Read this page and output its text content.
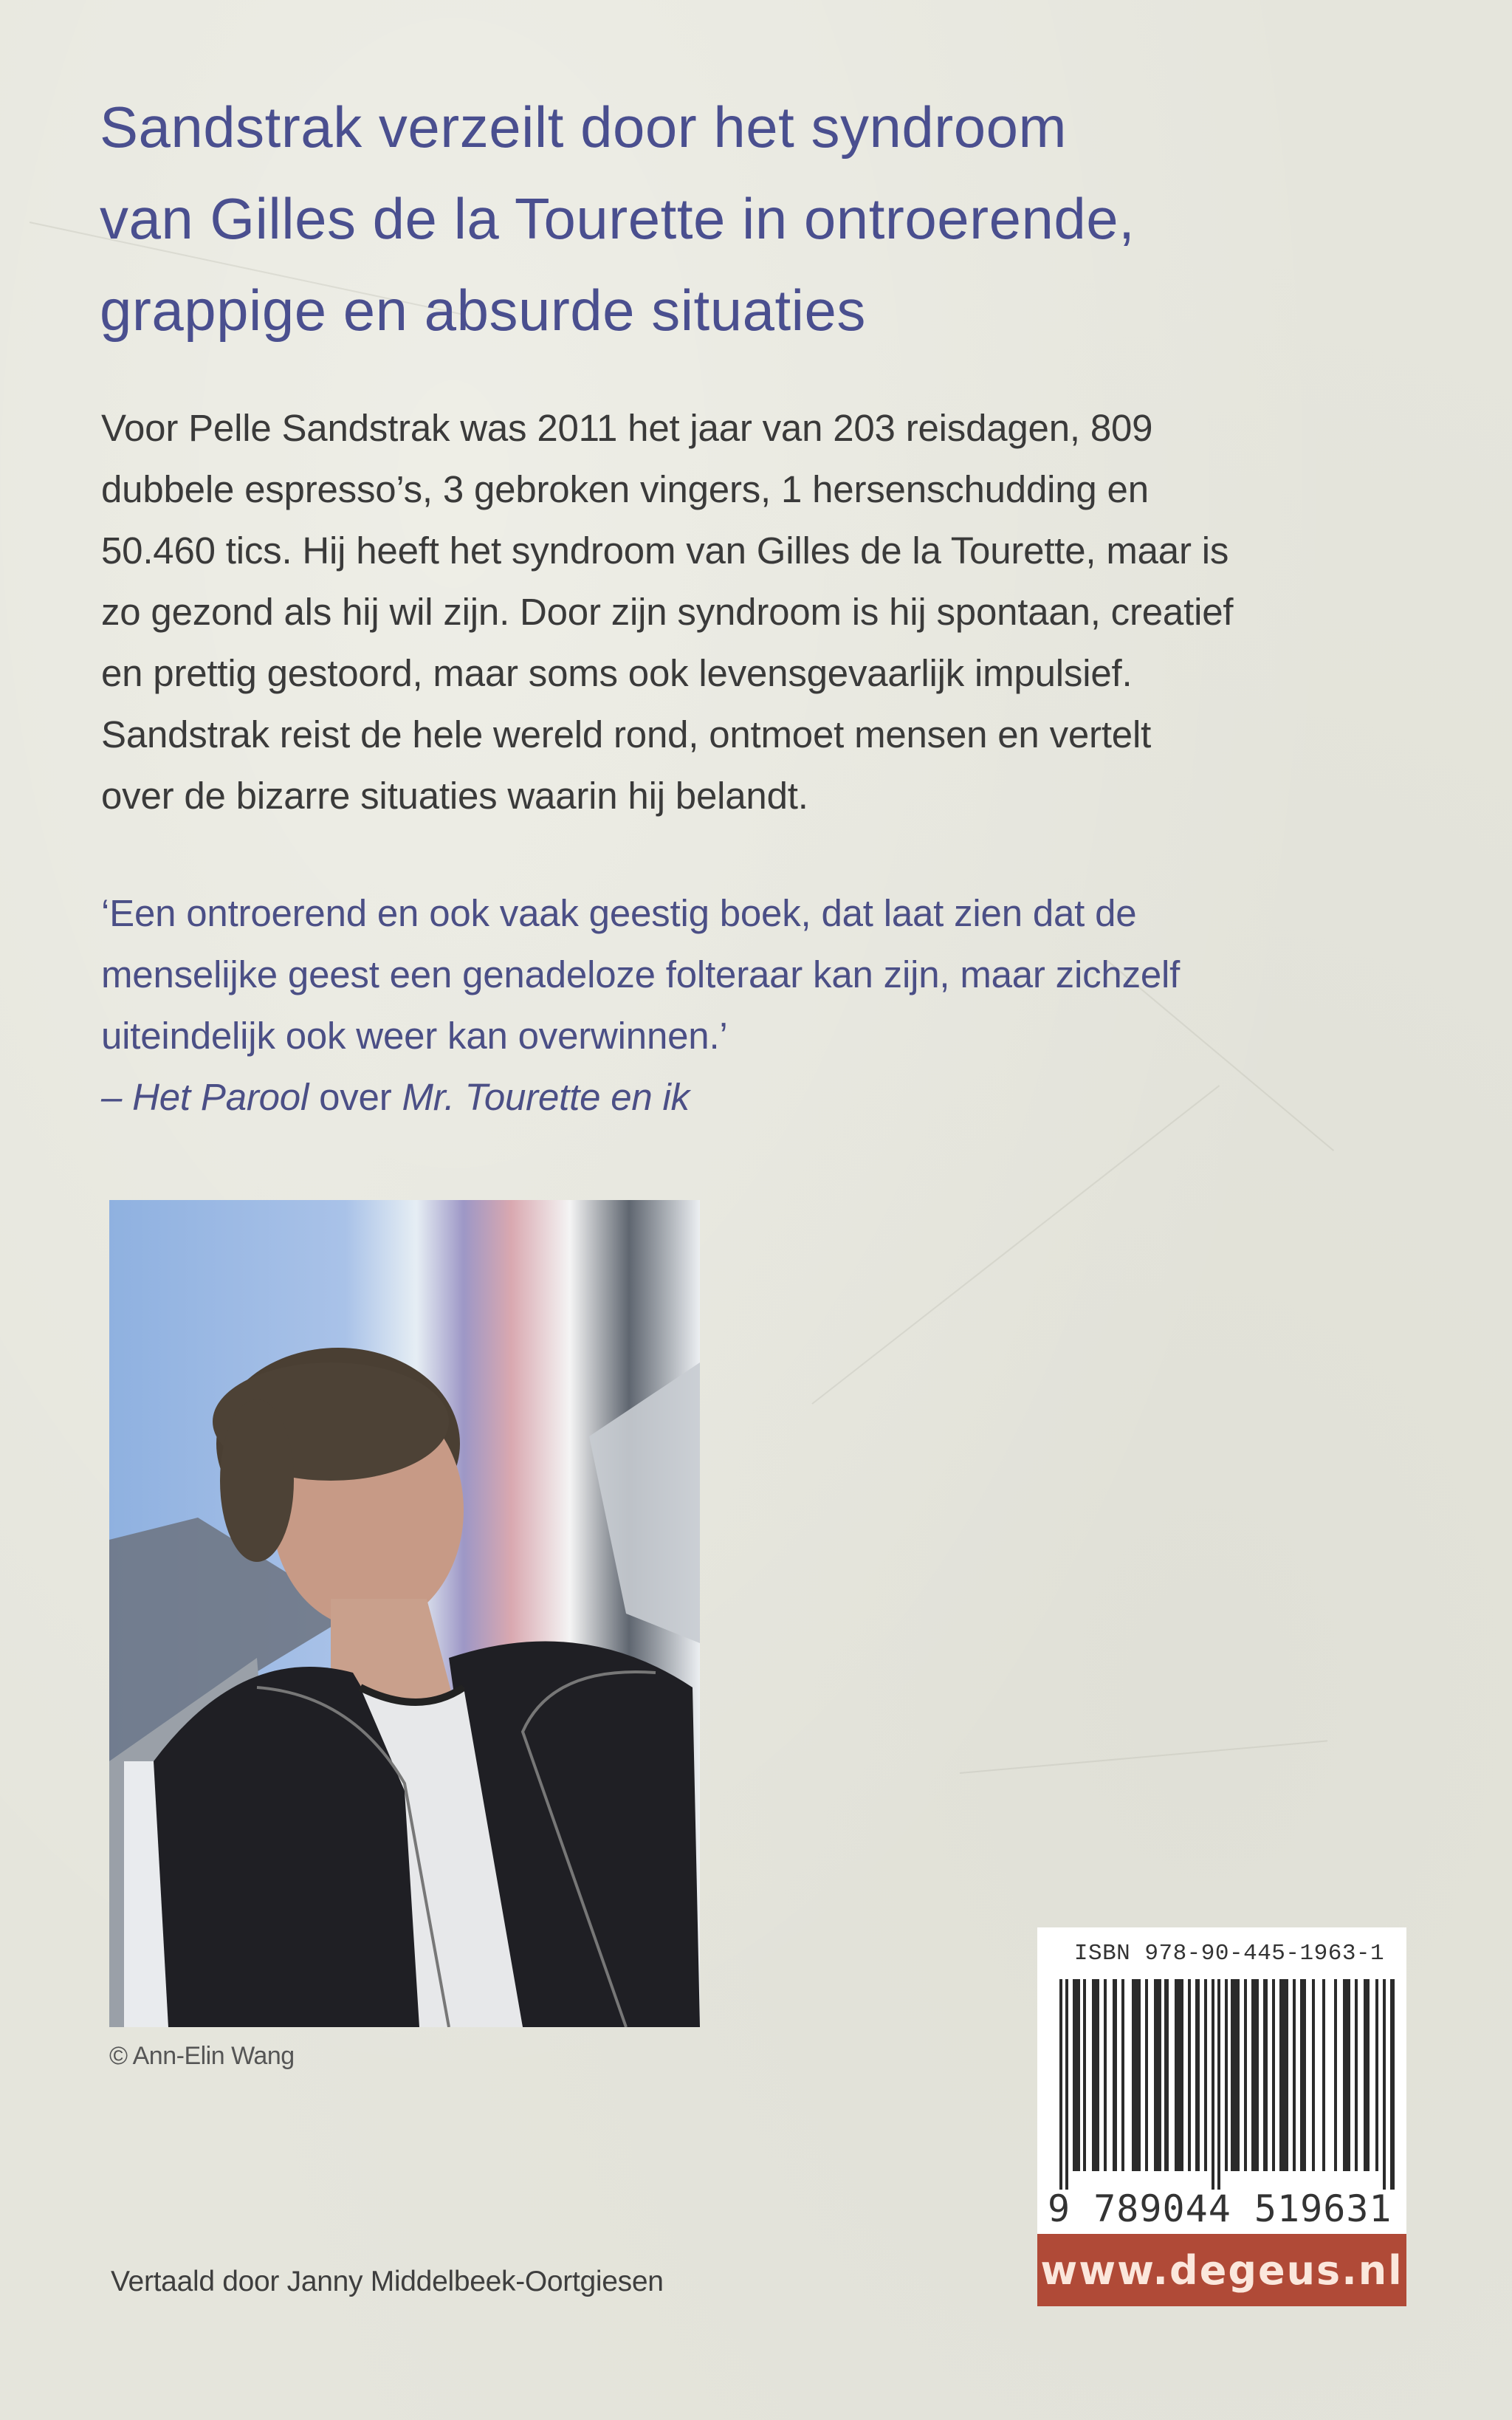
Sandstrak verzeilt door het syndroom
van Gilles de la Tourette in ontroerende,
grappige en absurde situaties
Voor Pelle Sandstrak was 2011 het jaar van 203 reisdagen, 809
dubbele espresso’s, 3 gebroken vingers, 1 hersenschudding en
50.460 tics. Hij heeft het syndroom van Gilles de la Tourette, maar is
zo gezond als hij wil zijn. Door zijn syndroom is hij spontaan, creatief
en prettig gestoord, maar soms ook levensgevaarlijk impulsief.
Sandstrak reist de hele wereld rond, ontmoet mensen en vertelt
over de bizarre situaties waarin hij belandt.
‘Een ontroerend en ook vaak geestig boek, dat laat zien dat de
menselijke geest een genadeloze folteraar kan zijn, maar zichzelf
uiteindelijk ook weer kan overwinnen.’
– Het Parool over Mr. Tourette en ik
© Ann-Elin Wang
ISBN 978-90-445-1963-1
9 789044 519631
www.degeus.nl
Vertaald door Janny Middelbeek-Oortgiesen
